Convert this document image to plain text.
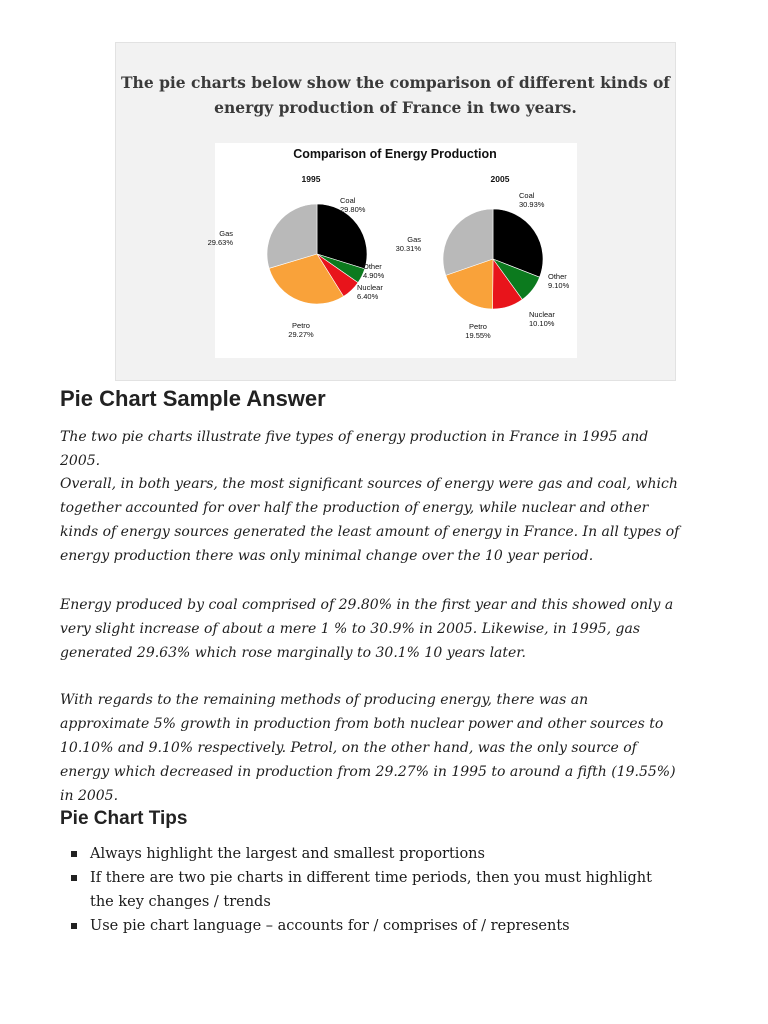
The pie charts below show the comparison of different kinds of energy production of France in two years.
Comparison of Energy Production
1995	2005
Coal 29.80%
Other 4.90%
Nuclear 6.40%
Petro 29.27%
Gas 29.63%
Coal 30.93%
Other 9.10%
Nuclear 10.10%
Petro 19.55%
Gas 30.31%
Pie Chart Sample Answer

The two pie charts illustrate five types of energy production in France in 1995 and 2005.

Overall, in both years, the most significant sources of energy were gas and coal, which together accounted for over half the production of energy, while nuclear and other kinds of energy sources generated the least amount of energy in France. In all types of energy production there was only minimal change over the 10 year period.

Energy produced by coal comprised of 29.80% in the first year and this showed only a very slight increase of about a mere 1 % to 30.9% in 2005. Likewise, in 1995, gas generated 29.63% which rose marginally to 30.1% 10 years later.

With regards to the remaining methods of producing energy, there was an approximate 5% growth in production from both nuclear power and other sources to 10.10% and 9.10% respectively. Petrol, on the other hand, was the only source of energy which decreased in production from 29.27% in 1995 to around a fifth (19.55%) in 2005.

Pie Chart Tips
Always highlight the largest and smallest proportions
If there are two pie charts in different time periods, then you must highlight the key changes / trends
Use pie chart language – accounts for / comprises of / represents
